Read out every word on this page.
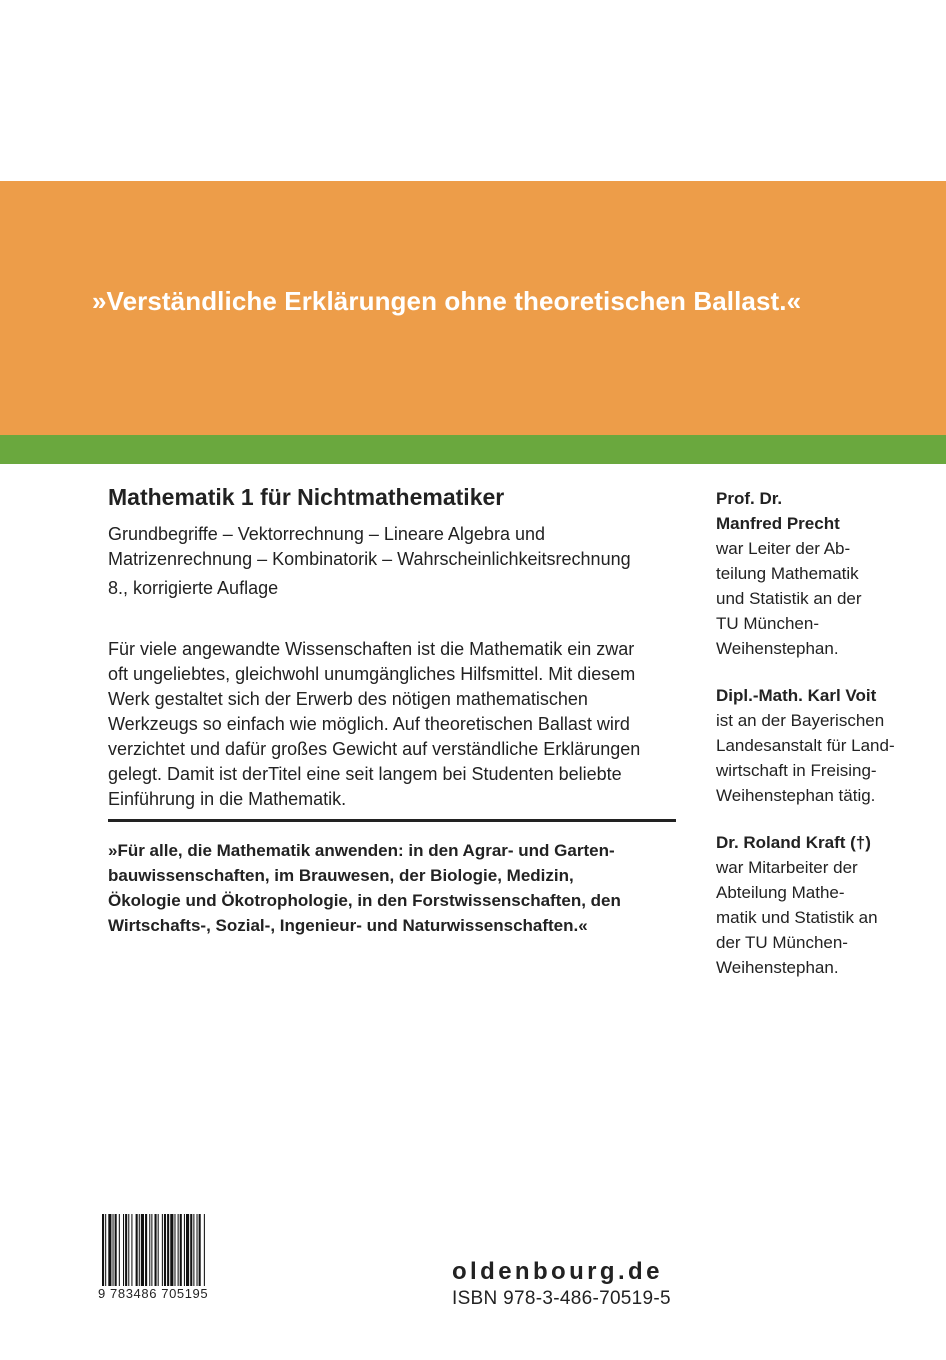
»Verständliche Erklärungen ohne theoretischen Ballast.«
Mathematik 1 für Nichtmathematiker

Grundbegriffe – Vektorrechnung – Lineare Algebra und
Matrizenrechnung – Kombinatorik – Wahrscheinlichkeitsrechnung

8., korrigierte Auflage

Für viele angewandte Wissenschaften ist die Mathematik ein zwar
oft ungeliebtes, gleichwohl unumgängliches Hilfsmittel. Mit diesem
Werk gestaltet sich der Erwerb des nötigen mathematischen
Werkzeugs so einfach wie möglich. Auf theoretischen Ballast wird
verzichtet und dafür großes Gewicht auf verständliche Erklärungen
gelegt. Damit ist derTitel eine seit langem bei Studenten beliebte
Einführung in die Mathematik.

»Für alle, die Mathematik anwenden: in den Agrar- und Garten-
bauwissenschaften, im Brauwesen, der Biologie, Medizin,
Ökologie und Ökotrophologie, in den Forstwissenschaften, den
Wirtschafts-, Sozial-, Ingenieur- und Naturwissenschaften.«
Prof. Dr.
Manfred Precht
war Leiter der Ab-
teilung Mathematik
und Statistik an der
TU München-
Weihenstephan.
Dipl.-Math. Karl Voit
ist an der Bayerischen
Landesanstalt für Land-
wirtschaft in Freising-
Weihenstephan tätig.
Dr. Roland Kraft (†)
war Mitarbeiter der
Abteilung Mathe-
matik und Statistik an
der TU München-
Weihenstephan.
9 783486 705195
oldenbourg.de
ISBN 978-3-486-70519-5
